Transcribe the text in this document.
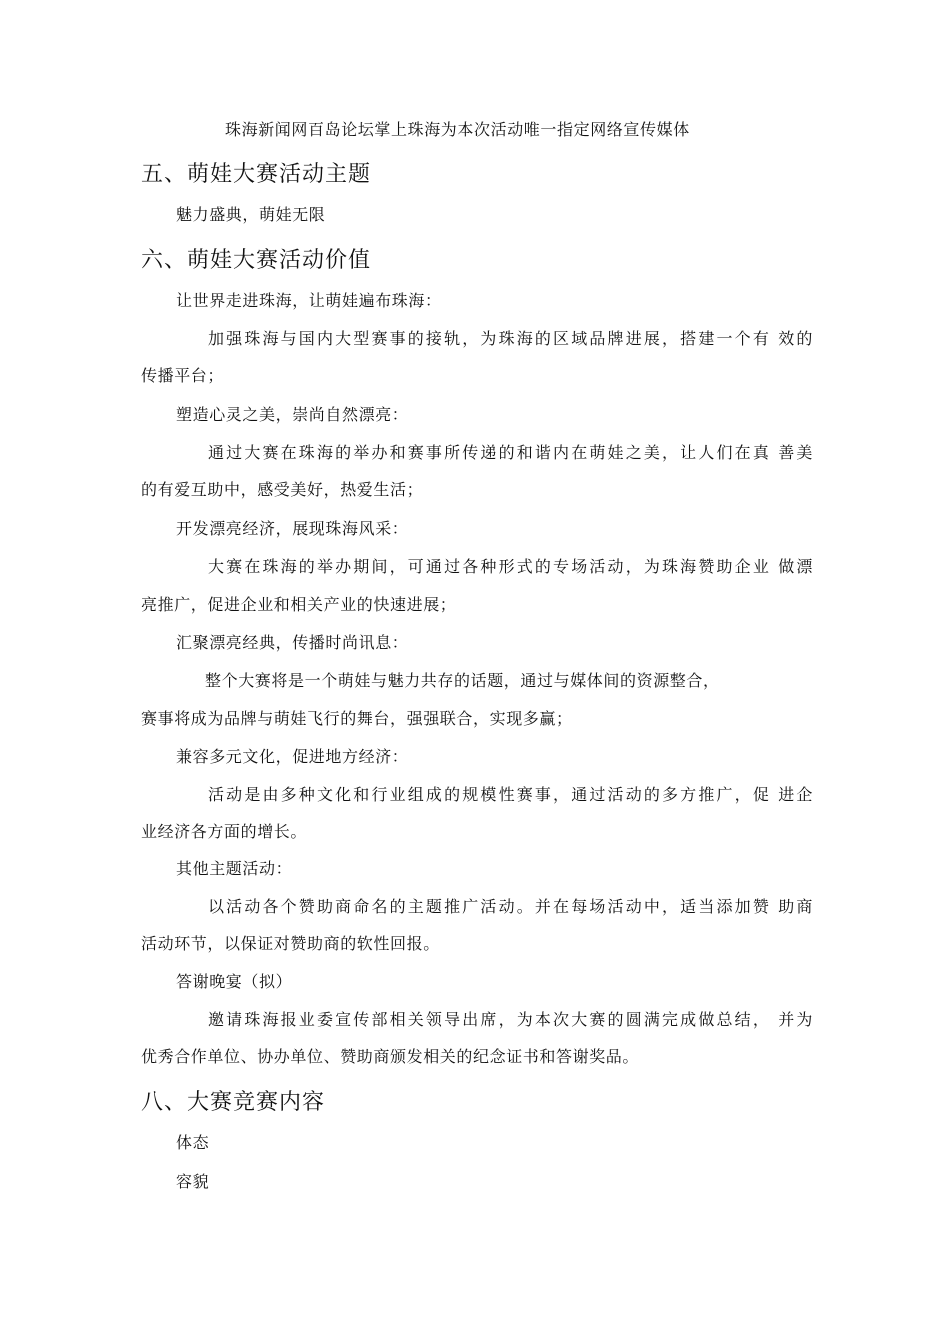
珠海新闻网百岛论坛掌上珠海为本次活动唯一指定网络宣传媒体
五、萌娃大赛活动主题
魅力盛典，萌娃无限
六、萌娃大赛活动价值
让世界走进珠海，让萌娃遍布珠海：
加强珠海与国内大型赛事的接轨，为珠海的区域品牌进展，搭建一个有 效的
传播平台；
塑造心灵之美，崇尚自然漂亮：
通过大赛在珠海的举办和赛事所传递的和谐内在萌娃之美，让人们在真 善美
的有爱互助中，感受美好，热爱生活；
开发漂亮经济，展现珠海风采：
大赛在珠海的举办期间，可通过各种形式的专场活动，为珠海赞助企业 做漂
亮推广，促进企业和相关产业的快速进展；
汇聚漂亮经典，传播时尚讯息：
整个大赛将是一个萌娃与魅力共存的话题，通过与媒体间的资源整合，
赛事将成为品牌与萌娃飞行的舞台，强强联合，实现多赢；
兼容多元文化，促进地方经济：
活动是由多种文化和行业组成的规模性赛事，通过活动的多方推广，促 进企
业经济各方面的增长。
其他主题活动：
以活动各个赞助商命名的主题推广活动。并在每场活动中，适当添加赞 助商
活动环节，以保证对赞助商的软性回报。
答谢晚宴（拟）
邀请珠海报业委宣传部相关领导出席，为本次大赛的圆满完成做总结， 并为
优秀合作单位、协办单位、赞助商颁发相关的纪念证书和答谢奖品。
八、大赛竞赛内容
体态
容貌
